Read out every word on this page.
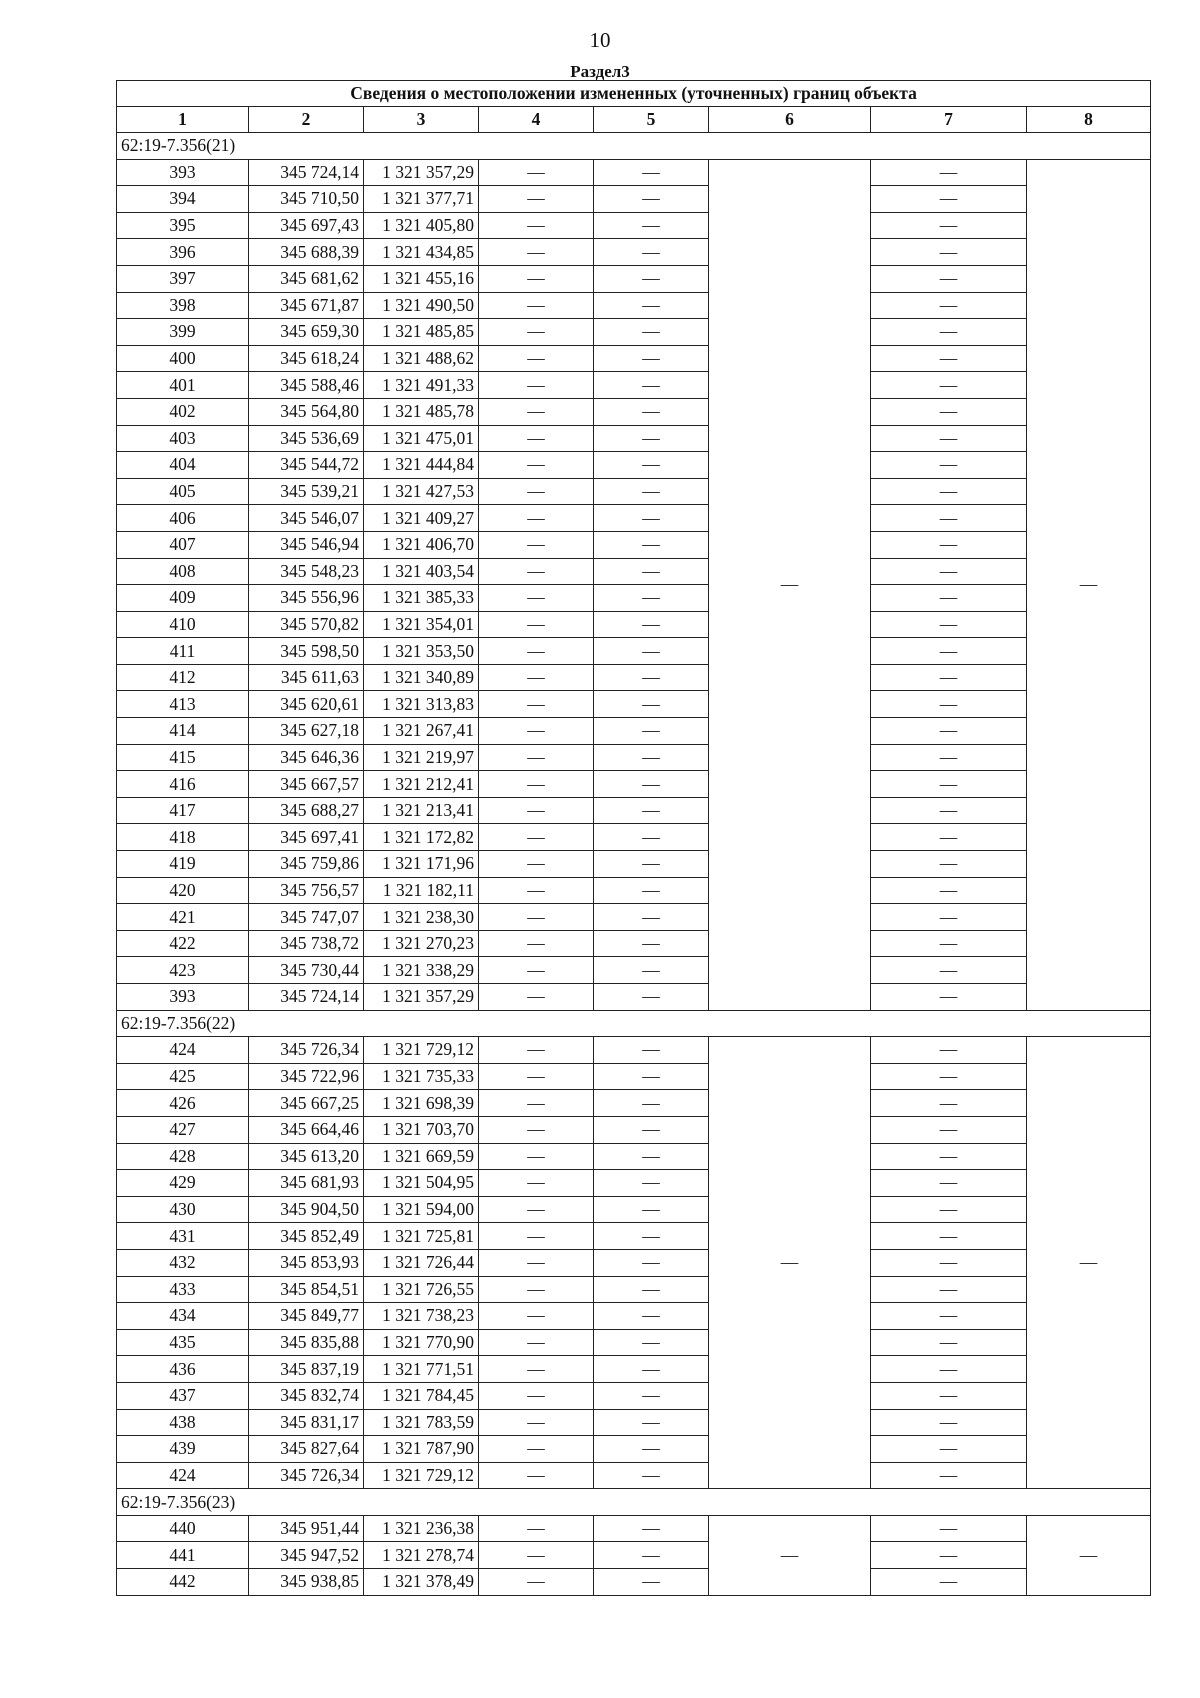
10
Раздел3
Сведения о местоположении измененных (уточненных) границ объекта							
1	2	3	4	5	6	7	8
62:19-7.356(21)							
393	345 724,14	1 321 357,29	—	—	—	—	—
394	345 710,50	1 321 377,71	—	—		—	
395	345 697,43	1 321 405,80	—	—		—	
396	345 688,39	1 321 434,85	—	—		—	
397	345 681,62	1 321 455,16	—	—		—	
398	345 671,87	1 321 490,50	—	—		—	
399	345 659,30	1 321 485,85	—	—		—	
400	345 618,24	1 321 488,62	—	—		—	
401	345 588,46	1 321 491,33	—	—		—	
402	345 564,80	1 321 485,78	—	—		—	
403	345 536,69	1 321 475,01	—	—		—	
404	345 544,72	1 321 444,84	—	—		—	
405	345 539,21	1 321 427,53	—	—		—	
406	345 546,07	1 321 409,27	—	—		—	
407	345 546,94	1 321 406,70	—	—		—	
408	345 548,23	1 321 403,54	—	—		—	
409	345 556,96	1 321 385,33	—	—		—	
410	345 570,82	1 321 354,01	—	—		—	
411	345 598,50	1 321 353,50	—	—		—	
412	345 611,63	1 321 340,89	—	—		—	
413	345 620,61	1 321 313,83	—	—		—	
414	345 627,18	1 321 267,41	—	—		—	
415	345 646,36	1 321 219,97	—	—		—	
416	345 667,57	1 321 212,41	—	—		—	
417	345 688,27	1 321 213,41	—	—		—	
418	345 697,41	1 321 172,82	—	—		—	
419	345 759,86	1 321 171,96	—	—		—	
420	345 756,57	1 321 182,11	—	—		—	
421	345 747,07	1 321 238,30	—	—		—	
422	345 738,72	1 321 270,23	—	—		—	
423	345 730,44	1 321 338,29	—	—		—	
393	345 724,14	1 321 357,29	—	—		—	
62:19-7.356(22)							
424	345 726,34	1 321 729,12	—	—	—	—	—
425	345 722,96	1 321 735,33	—	—		—	
426	345 667,25	1 321 698,39	—	—		—	
427	345 664,46	1 321 703,70	—	—		—	
428	345 613,20	1 321 669,59	—	—		—	
429	345 681,93	1 321 504,95	—	—		—	
430	345 904,50	1 321 594,00	—	—		—	
431	345 852,49	1 321 725,81	—	—		—	
432	345 853,93	1 321 726,44	—	—		—	
433	345 854,51	1 321 726,55	—	—		—	
434	345 849,77	1 321 738,23	—	—		—	
435	345 835,88	1 321 770,90	—	—		—	
436	345 837,19	1 321 771,51	—	—		—	
437	345 832,74	1 321 784,45	—	—		—	
438	345 831,17	1 321 783,59	—	—		—	
439	345 827,64	1 321 787,90	—	—		—	
424	345 726,34	1 321 729,12	—	—		—	
62:19-7.356(23)							
440	345 951,44	1 321 236,38	—	—	—	—	—
441	345 947,52	1 321 278,74	—	—		—	
442	345 938,85	1 321 378,49	—	—		—	
